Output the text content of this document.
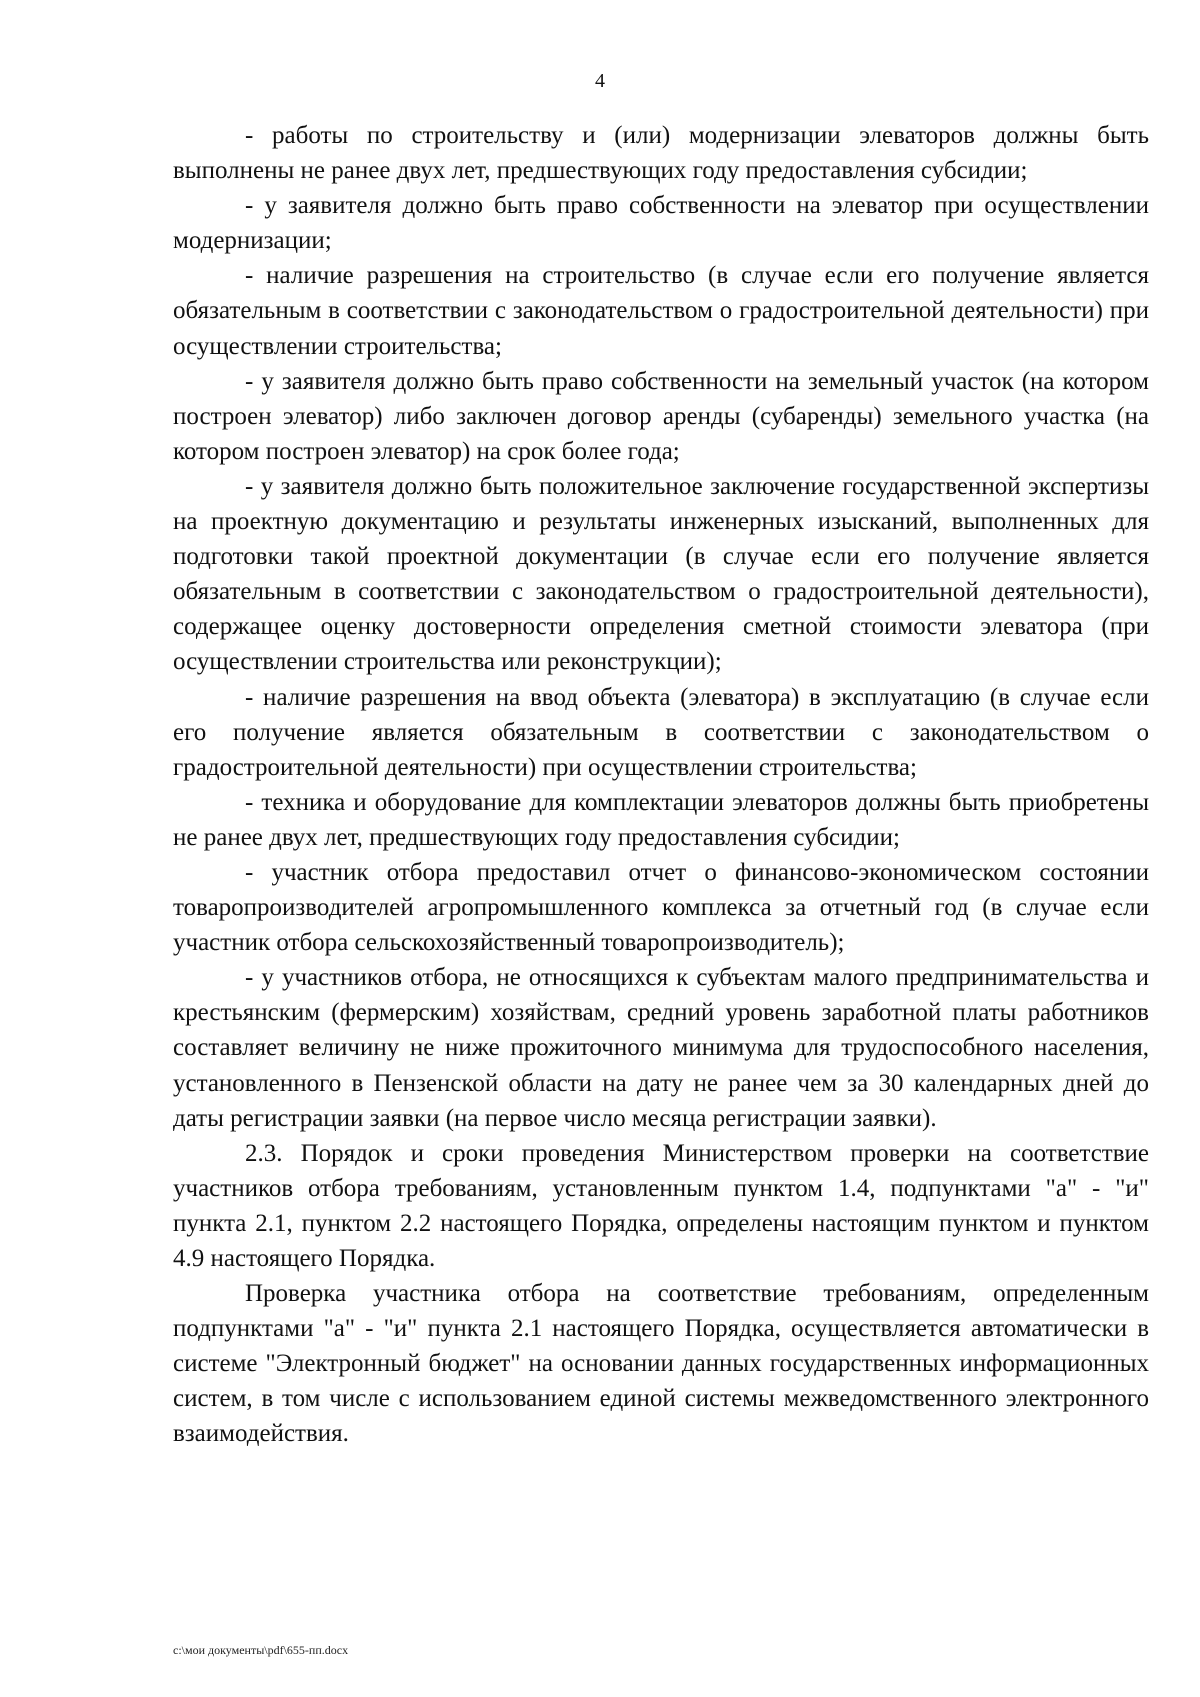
4

- работы по строительству и (или) модернизации элеваторов должны быть выполнены не ранее двух лет, предшествующих году предоставления субсидии;

- у заявителя должно быть право собственности на элеватор при осуществлении модернизации;

- наличие разрешения на строительство (в случае если его получение является обязательным в соответствии с законодательством о градостроительной деятельности) при осуществлении строительства;

- у заявителя должно быть право собственности на земельный участок (на котором построен элеватор) либо заключен договор аренды (субаренды) земельного участка (на котором построен элеватор) на срок более года;

- у заявителя должно быть положительное заключение государственной экспертизы на проектную документацию и результаты инженерных изысканий, выполненных для подготовки такой проектной документации (в случае если его получение является обязательным в соответствии с законодательством о градостроительной деятельности), содержащее оценку достоверности определения сметной стоимости элеватора (при осуществлении строительства или реконструкции);

- наличие разрешения на ввод объекта (элеватора) в эксплуатацию (в случае если его получение является обязательным в соответствии с законодательством о градостроительной деятельности) при осуществлении строительства;

- техника и оборудование для комплектации элеваторов должны быть приобретены не ранее двух лет, предшествующих году предоставления субсидии;

- участник отбора предоставил отчет о финансово-экономическом состоянии товаропроизводителей агропромышленного комплекса за отчетный год (в случае если участник отбора сельскохозяйственный товаропроизводитель);

- у участников отбора, не относящихся к субъектам малого предпринимательства и крестьянским (фермерским) хозяйствам, средний уровень заработной платы работников составляет величину не ниже прожиточного минимума для трудоспособного населения, установленного в Пензенской области на дату не ранее чем за 30 календарных дней до даты регистрации заявки (на первое число месяца регистрации заявки).

2.3. Порядок и сроки проведения Министерством проверки на соответствие участников отбора требованиям, установленным пунктом 1.4, подпунктами "а" - "и" пункта 2.1, пунктом 2.2 настоящего Порядка, определены настоящим пунктом и пунктом 4.9 настоящего Порядка.

Проверка участника отбора на соответствие требованиям, определенным подпунктами "а" - "и" пункта 2.1 настоящего Порядка, осуществляется автоматически в системе "Электронный бюджет" на основании данных государственных информационных систем, в том числе с использованием единой системы межведомственного электронного взаимодействия.

c:\мои документы\pdf\655-пп.docx
